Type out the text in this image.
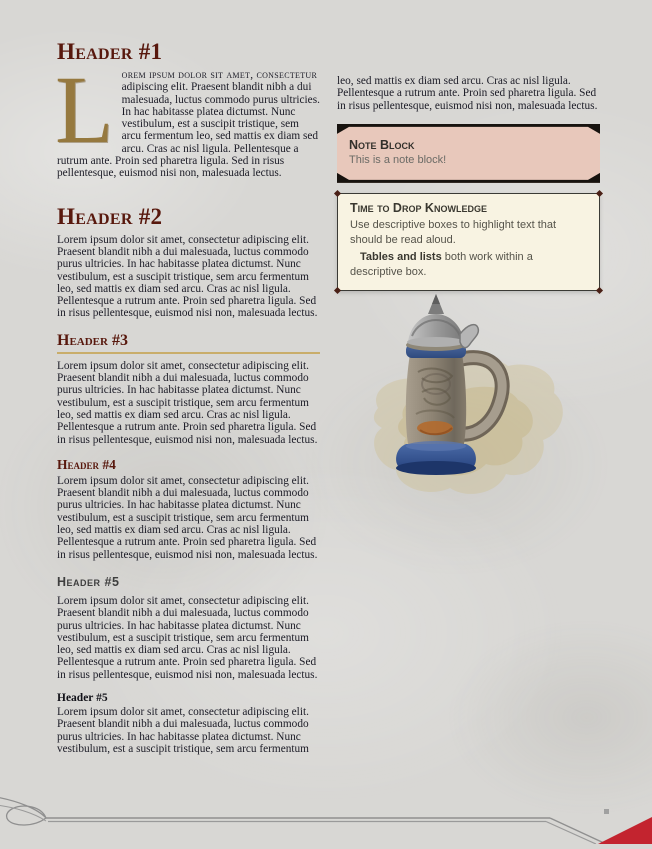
Header #1

Lorem ipsum dolor sit amet, consectetur adipiscing elit. Praesent blandit nibh a dui malesuada, luctus commodo purus ultricies. In hac habitasse platea dictumst. Nunc vestibulum, est a suscipit tristique, sem arcu fermentum leo, sed mattis ex diam sed arcu. Cras ac nisl ligula. Pellentesque a rutrum ante. Proin sed pharetra ligula. Sed in risus pellentesque, euismod nisi non, malesuada lectus.

Header #2

Lorem ipsum dolor sit amet, consectetur adipiscing elit. Praesent blandit nibh a dui malesuada, luctus commodo purus ultricies. In hac habitasse platea dictumst. Nunc vestibulum, est a suscipit tristique, sem arcu fermentum leo, sed mattis ex diam sed arcu. Cras ac nisl ligula. Pellentesque a rutrum ante. Proin sed pharetra ligula. Sed in risus pellentesque, euismod nisi non, malesuada lectus.

Header #3

Lorem ipsum dolor sit amet, consectetur adipiscing elit. Praesent blandit nibh a dui malesuada, luctus commodo purus ultricies. In hac habitasse platea dictumst. Nunc vestibulum, est a suscipit tristique, sem arcu fermentum leo, sed mattis ex diam sed arcu. Cras ac nisl ligula. Pellentesque a rutrum ante. Proin sed pharetra ligula. Sed in risus pellentesque, euismod nisi non, malesuada lectus.

Header #4

Lorem ipsum dolor sit amet, consectetur adipiscing elit. Praesent blandit nibh a dui malesuada, luctus commodo purus ultricies. In hac habitasse platea dictumst. Nunc vestibulum, est a suscipit tristique, sem arcu fermentum leo, sed mattis ex diam sed arcu. Cras ac nisl ligula. Pellentesque a rutrum ante. Proin sed pharetra ligula. Sed in risus pellentesque, euismod nisi non, malesuada lectus.

Header #5

Lorem ipsum dolor sit amet, consectetur adipiscing elit. Praesent blandit nibh a dui malesuada, luctus commodo purus ultricies. In hac habitasse platea dictumst. Nunc vestibulum, est a suscipit tristique, sem arcu fermentum leo, sed mattis ex diam sed arcu. Cras ac nisl ligula. Pellentesque a rutrum ante. Proin sed pharetra ligula. Sed in risus pellentesque, euismod nisi non, malesuada lectus.

Header #5

Lorem ipsum dolor sit amet, consectetur adipiscing elit. Praesent blandit nibh a dui malesuada, luctus commodo purus ultricies. In hac habitasse platea dictumst. Nunc vestibulum, est a suscipit tristique, sem arcu fermentum

leo, sed mattis ex diam sed arcu. Cras ac nisl ligula. Pellentesque a rutrum ante. Proin sed pharetra ligula. Sed in risus pellentesque, euismod nisi non, malesuada lectus.

Note Block

This is a note block!

Time to Drop Knowledge

Use descriptive boxes to highlight text that should be read aloud.

Tables and lists both work within a descriptive box.
